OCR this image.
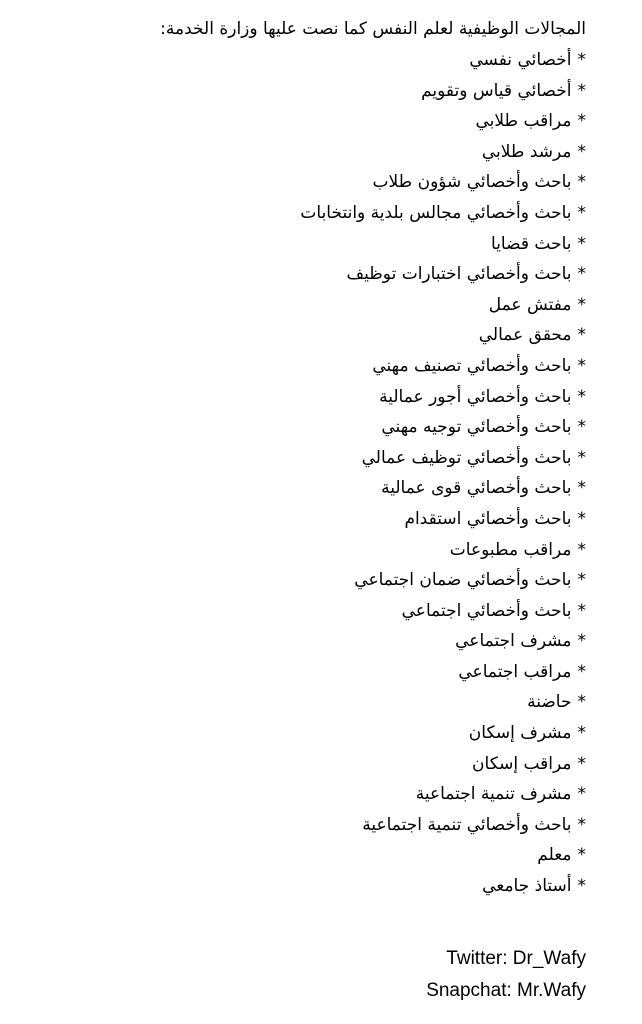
المجالات الوظيفية لعلم النفس كما نصت عليها وزارة الخدمة:
*أخصائي نفسي
*أخصائي قياس وتقويم
*مراقب طلابي
*مرشد طلابي
*باحث وأخصائي شؤون طلاب
*باحث وأخصائي مجالس بلدية وانتخابات
*باحث قضايا
*باحث وأخصائي اختبارات توظيف
*مفتش عمل
*محقق عمالي
*باحث وأخصائي تصنيف مهني
*باحث وأخصائي أجور عمالية
*باحث وأخصائي توجيه مهني
*باحث وأخصائي توظيف عمالي
*باحث وأخصائي قوى عمالية
*باحث وأخصائي استقدام
*مراقب مطبوعات
*باحث وأخصائي ضمان اجتماعي
*باحث وأخصائي اجتماعي
*مشرف اجتماعي
*مراقب اجتماعي
*حاضنة
*مشرف إسكان
*مراقب إسكان
*مشرف تنمية اجتماعية
*باحث وأخصائي تنمية اجتماعية
*معلم
*أستاذ جامعي
Twitter: Dr_Wafy
Snapchat: Mr.Wafy
